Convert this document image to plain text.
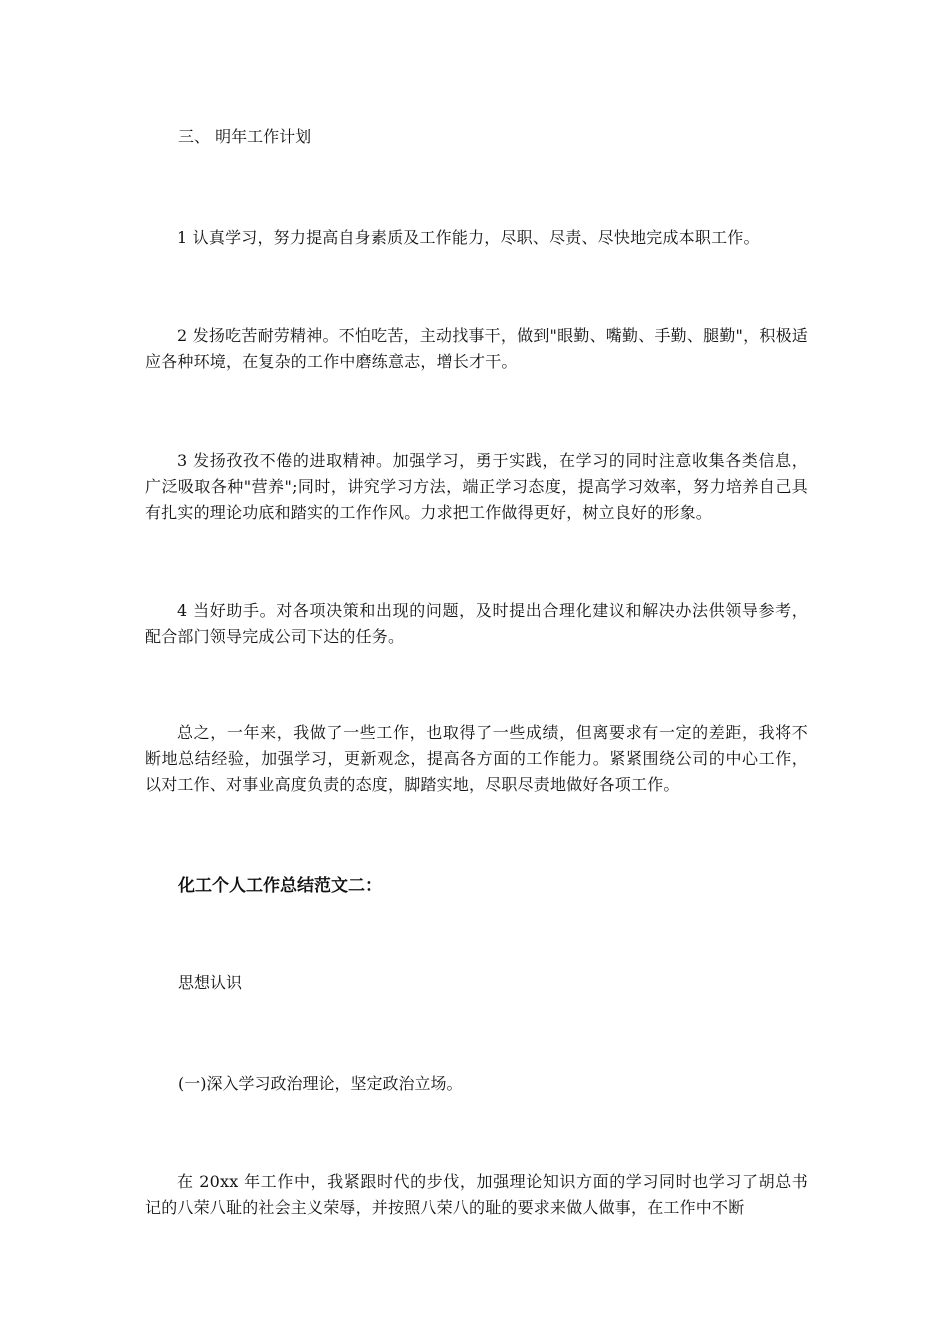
三、 明年工作计划

1 认真学习，努力提高自身素质及工作能力，尽职、尽责、尽快地完成本职工作。

2 发扬吃苦耐劳精神。不怕吃苦，主动找事干，做到"眼勤、嘴勤、手勤、腿勤"，积极适应各种环境，在复杂的工作中磨练意志，增长才干。

3 发扬孜孜不倦的进取精神。加强学习，勇于实践，在学习的同时注意收集各类信息，广泛吸取各种"营养";同时，讲究学习方法，端正学习态度，提高学习效率，努力培养自己具有扎实的理论功底和踏实的工作作风。力求把工作做得更好，树立良好的形象。

4 当好助手。对各项决策和出现的问题，及时提出合理化建议和解决办法供领导参考，配合部门领导完成公司下达的任务。

总之，一年来，我做了一些工作，也取得了一些成绩，但离要求有一定的差距，我将不断地总结经验，加强学习，更新观念，提高各方面的工作能力。紧紧围绕公司的中心工作，以对工作、对事业高度负责的态度，脚踏实地，尽职尽责地做好各项工作。

化工个人工作总结范文二：

思想认识

(一)深入学习政治理论，坚定政治立场。

在 20xx 年工作中，我紧跟时代的步伐，加强理论知识方面的学习同时也学习了胡总书记的八荣八耻的社会主义荣辱，并按照八荣八的耻的要求来做人做事，在工作中不断
